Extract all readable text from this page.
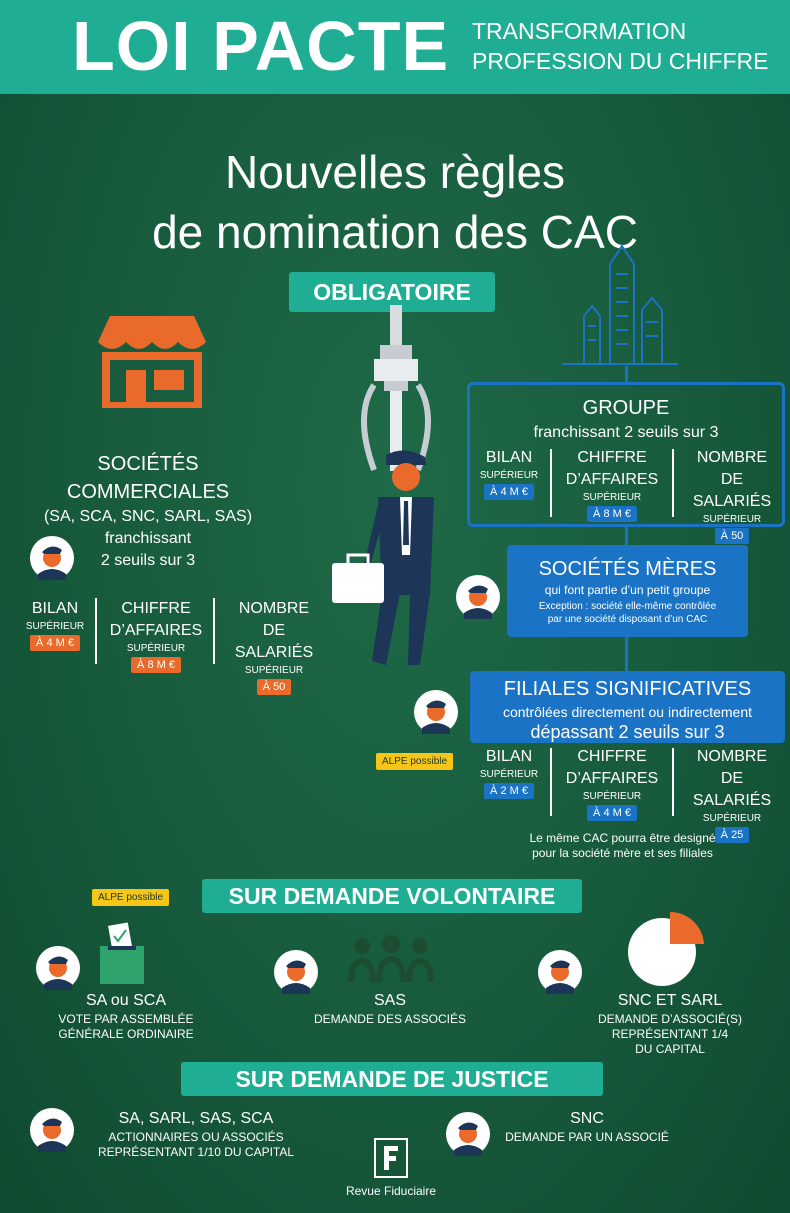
LOI PACTE TRANSFORMATION
PROFESSION DU CHIFFRE
Nouvelles règles
de nomination des CAC
OBLIGATOIRE
SOCIÉTÉS
COMMERCIALES
(SA, SCA, SNC, SARL, SAS)
franchissant
2 seuils sur 3
BILAN
SUPÉRIEUR
À 4 M €
CHIFFRE
D’AFFAIRES
SUPÉRIEUR
À 8 M €
NOMBRE
DE SALARIÉS
SUPÉRIEUR
À 50
GROUPE
franchissant 2 seuils sur 3
BILAN
SUPÉRIEUR
À 4 M €
CHIFFRE
D’AFFAIRES
SUPÉRIEUR
À 8 M €
NOMBRE
DE SALARIÉS
SUPÉRIEUR
À 50
SOCIÉTÉS MÈRES
qui font partie d’un petit groupe
Exception : société elle-même contrôlée
par une société disposant d’un CAC
ALPE possible
FILIALES SIGNIFICATIVES
contrôlées directement ou indirectement
dépassant 2 seuils sur 3
BILAN
SUPÉRIEUR
À 2 M €
CHIFFRE
D’AFFAIRES
SUPÉRIEUR
À 4 M €
NOMBRE
DE SALARIÉS
SUPÉRIEUR
À 25
Le même CAC pourra être designé
pour la société mère et ses filiales
ALPE possible	SUR DEMANDE VOLONTAIRE
SA ou SCA
VOTE PAR ASSEMBLÉE
GÉNÉRALE ORDINAIRE
SAS
DEMANDE DES ASSOCIÉS
SNC ET SARL
DEMANDE D’ASSOCIÉ(S)
REPRÉSENTANT 1/4
DU CAPITAL
SUR DEMANDE DE JUSTICE
SA, SARL, SAS, SCA
ACTIONNAIRES OU ASSOCIÉS
REPRÉSENTANT 1/10 DU CAPITAL
SNC
DEMANDE PAR UN ASSOCIÉ
Revue Fiduciaire
